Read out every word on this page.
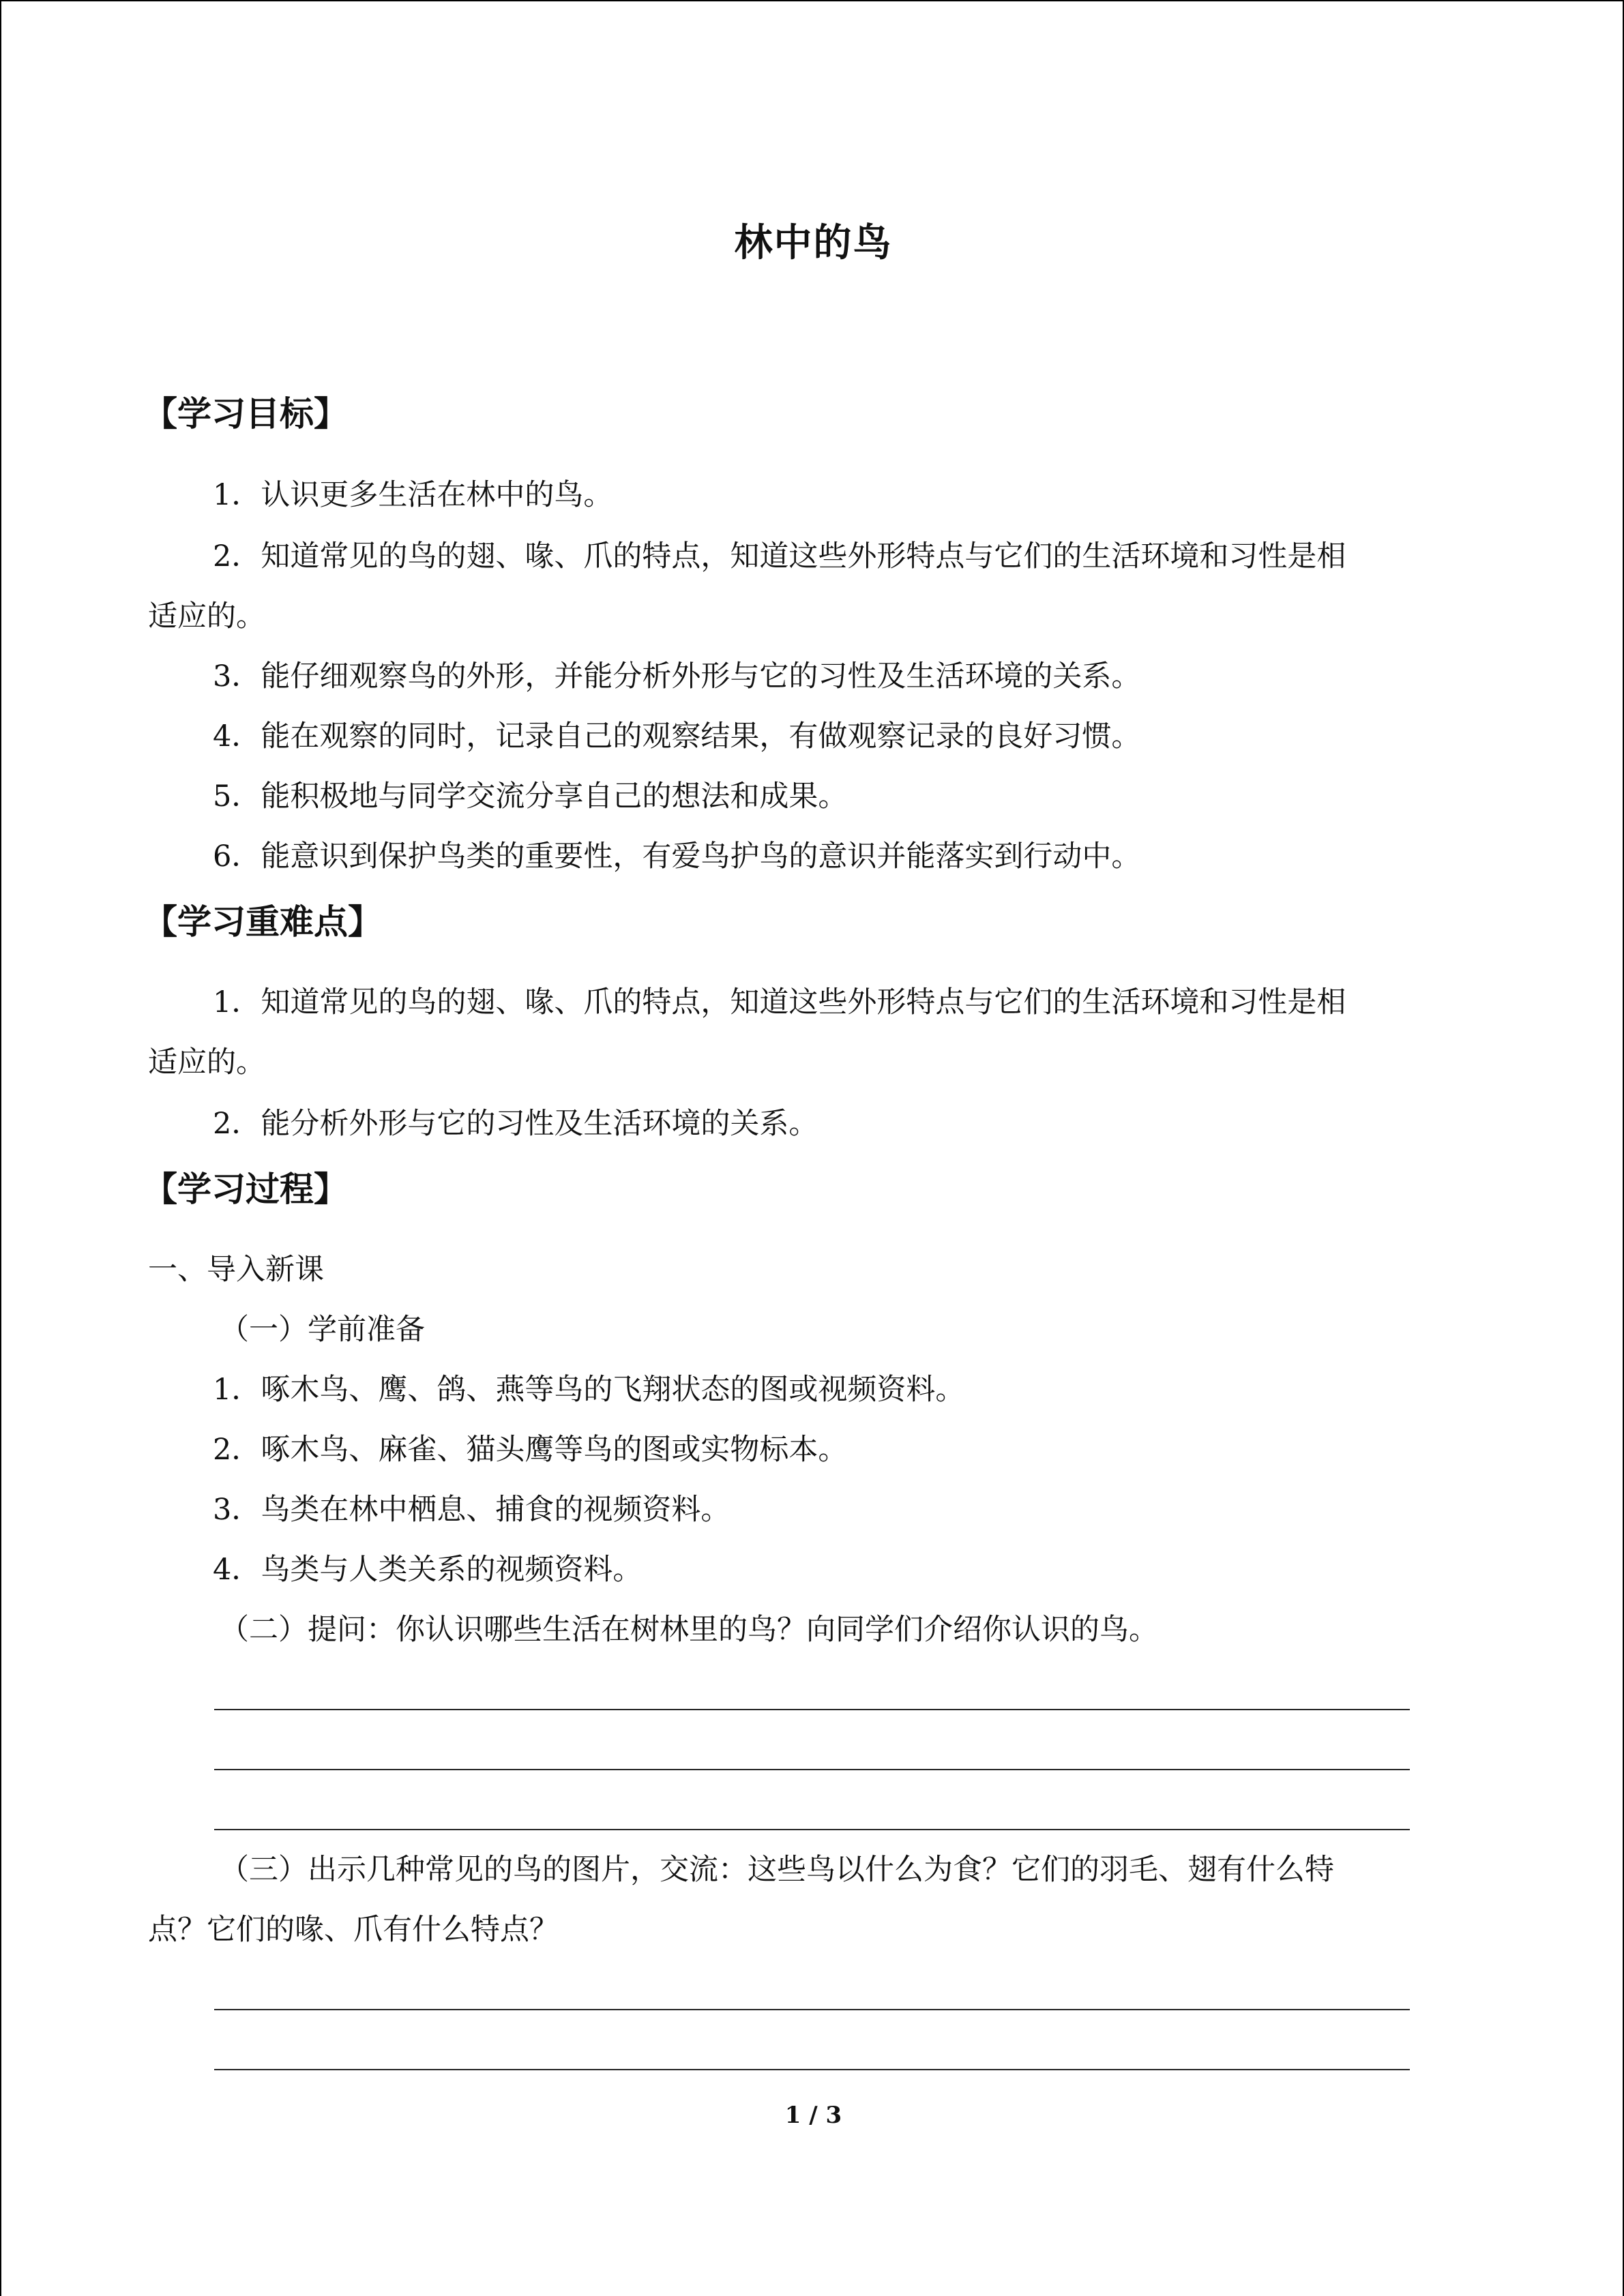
林中的鸟
【学习目标】
1．认识更多生活在林中的鸟。
2．知道常见的鸟的翅、喙、爪的特点，知道这些外形特点与它们的生活环境和习性是相
适应的。
3．能仔细观察鸟的外形，并能分析外形与它的习性及生活环境的关系。
4．能在观察的同时，记录自己的观察结果，有做观察记录的良好习惯。
5．能积极地与同学交流分享自己的想法和成果。
6．能意识到保护鸟类的重要性，有爱鸟护鸟的意识并能落实到行动中。
【学习重难点】
1．知道常见的鸟的翅、喙、爪的特点，知道这些外形特点与它们的生活环境和习性是相
适应的。
2．能分析外形与它的习性及生活环境的关系。
【学习过程】
一、导入新课
（一）学前准备
1．啄木鸟、鹰、鸽、燕等鸟的飞翔状态的图或视频资料。
2．啄木鸟、麻雀、猫头鹰等鸟的图或实物标本。
3．鸟类在林中栖息、捕食的视频资料。
4．鸟类与人类关系的视频资料。
（二）提问：你认识哪些生活在树林里的鸟？向同学们介绍你认识的鸟。
（三）出示几种常见的鸟的图片，交流：这些鸟以什么为食？它们的羽毛、翅有什么特
点？它们的喙、爪有什么特点？
1 / 3
